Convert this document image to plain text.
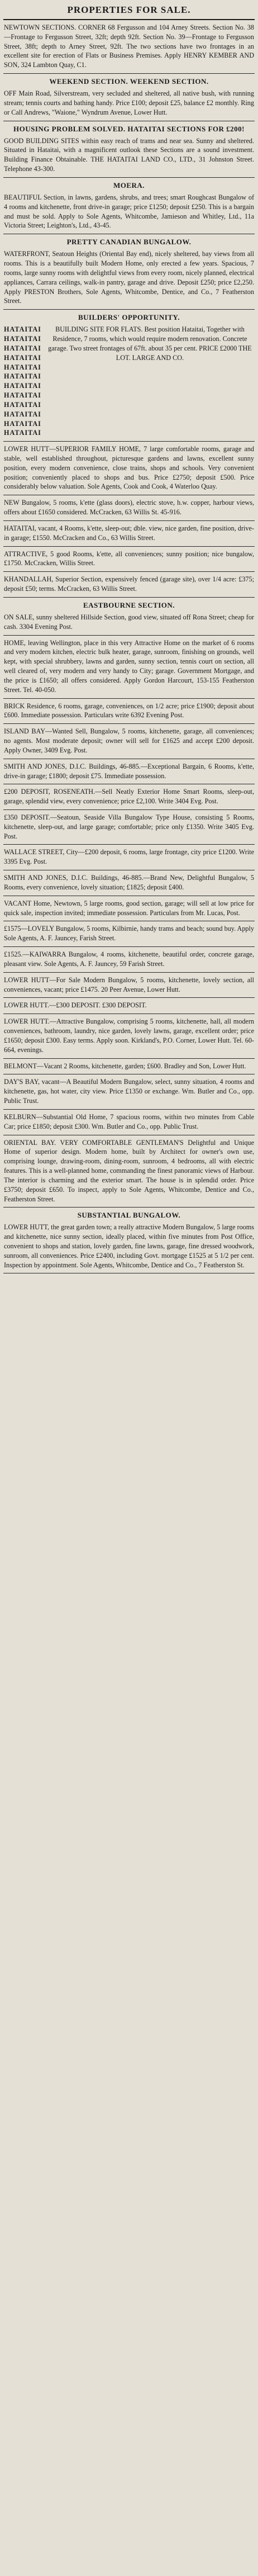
PROPERTIES FOR SALE.

NEWTOWN SECTIONS. CORNER 68 Fergusson and 104 Arney Streets. Section No. 38—Frontage to Fergusson Street, 32ft; depth 92ft. Section No. 39—Frontage to Fergusson Street, 38ft; depth to Arney Street, 92ft. The two sections have two frontages in an excellent site for erection of Flats or Business Premises. Apply HENRY KEMBER AND SON, 324 Lambton Quay, C1.

WEEKEND SECTION. WEEKEND SECTION.

OFF Main Road, Silverstream, very secluded and sheltered, all native bush, with running stream; tennis courts and bathing handy. Price £100; deposit £25, balance £2 monthly. Ring or Call Andrews, "Waione," Wyndrum Avenue, Lower Hutt.

HOUSING PROBLEM SOLVED. HATAITAI SECTIONS FOR £200!

GOOD BUILDING SITES within easy reach of trams and near sea. Sunny and sheltered. Situated in Hataitai, with a magnificent outlook these Sections are a sound investment. Building Finance Obtainable. THE HATAITAI LAND CO., LTD., 31 Johnston Street. Telephone 43-300.

MOERA.

BEAUTIFUL Section, in lawns, gardens, shrubs, and trees; smart Roughcast Bungalow of 4 rooms and kitchenette, front drive-in garage; price £1250; deposit £250. This is a bargain and must be sold. Apply to Sole Agents, Whitcombe, Jamieson and Whitley, Ltd., 11a Victoria Street; Leighton's, Ltd., 43-45.

PRETTY CANADIAN BUNGALOW.

WATERFRONT, Seatoun Heights (Oriental Bay end), nicely sheltered, bay views from all rooms. This is a beautifully built Modern Home, only erected a few years. Spacious, 7 rooms, large sunny rooms with delightful views from every room, nicely planned, electrical appliances, Carrara ceilings, walk-in pantry, garage and drive. Deposit £250; price £2,250. Apply PRESTON Brothers, Sole Agents, Whitcombe, Dentice, and Co., 7 Featherston Street.

BUILDERS' OPPORTUNITY.
HATAITAI HATAITAI HATAITAI HATAITAI HATAITAI HATAITAI HATAITAI HATAITAI HATAITAI HATAITAI HATAITAI HATAITAI
BUILDING SITE FOR FLATS. Best position Hataitai, Together with Residence, 7 rooms, which would require modern renovation. Concrete garage. Two street frontages of 67ft. about 35 per cent. PRICE £2000 THE LOT. LARGE AND CO.

LOWER HUTT—SUPERIOR FAMILY HOME, 7 large comfortable rooms, garage and stable, well established throughout, picturesque gardens and lawns, excellent sunny position, every modern convenience, close trains, shops and schools. Very convenient position; conveniently placed to shops and bus. Price £2750; deposit £500. Price considerably below valuation. Sole Agents, Cook and Cook, 4 Waterloo Quay.

NEW Bungalow, 5 rooms, k'ette (glass doors), electric stove, h.w. copper, harbour views, offers about £1650 considered. McCracken, 63 Willis St. 45-916.

HATAITAI, vacant, 4 Rooms, k'ette, sleep-out; dble. view, nice garden, fine position, drive-in garage; £1550. McCracken and Co., 63 Willis Street.

ATTRACTIVE, 5 good Rooms, k'ette, all conveniences; sunny position; nice bungalow, £1750. McCracken, Willis Street.

KHANDALLAH, Superior Section, expensively fenced (garage site), over 1/4 acre: £375; deposit £50; terms. McCracken, 63 Willis Street.

EASTBOURNE SECTION.

ON SALE, sunny sheltered Hillside Section, good view, situated off Rona Street; cheap for cash. 3304 Evening Post.

HOME, leaving Wellington, place in this very Attractive Home on the market of 6 rooms and very modern kitchen, electric bulk heater, garage, sunroom, finishing on grounds, well kept, with special shrubbery, lawns and garden, sunny section, tennis court on section, all well cleared of, very modern and very handy to City; garage. Government Mortgage, and the price is £1650; all offers considered. Apply Gordon Harcourt, 153-155 Featherston Street. Tel. 40-050.

BRICK Residence, 6 rooms, garage, conveniences, on 1/2 acre; price £1900; deposit about £600. Immediate possession. Particulars write 6392 Evening Post.

ISLAND BAY—Wanted Sell, Bungalow, 5 rooms, kitchenette, garage, all conveniences; no agents. Most moderate deposit; owner will sell for £1625 and accept £200 deposit. Apply Owner, 3409 Evg. Post.

SMITH AND JONES, D.I.C. Buildings, 46-885.—Exceptional Bargain, 6 Rooms, k'ette, drive-in garage; £1800; deposit £75. Immediate possession.

£200 DEPOSIT, ROSENEATH.—Sell Neatly Exterior Home Smart Rooms, sleep-out, garage, splendid view, every convenience; price £2,100. Write 3404 Evg. Post.

£350 DEPOSIT.—Seatoun, Seaside Villa Bungalow Type House, consisting 5 Rooms, kitchenette, sleep-out, and large garage; comfortable; price only £1350. Write 3405 Evg. Post.

WALLACE STREET, City—£200 deposit, 6 rooms, large frontage, city price £1200. Write 3395 Evg. Post.

SMITH AND JONES, D.I.C. Buildings, 46-885.—Brand New, Delightful Bungalow, 5 Rooms, every convenience, lovely situation; £1825; deposit £400.

VACANT Home, Newtown, 5 large rooms, good section, garage; will sell at low price for quick sale, inspection invited; immediate possession. Particulars from Mr. Lucas, Post.

£1575—LOVELY Bungalow, 5 rooms, Kilbirnie, handy trams and beach; sound buy. Apply Sole Agents, A. F. Jauncey, Farish Street.

£1525.—KAIWARRA Bungalow, 4 rooms, kitchenette, beautiful order, concrete garage, pleasant view. Sole Agents, A. F. Jauncey, 59 Farish Street.

LOWER HUTT—For Sale Modern Bungalow, 5 rooms, kitchenette, lovely section, all conveniences, vacant; price £1475. 20 Peer Avenue, Lower Hutt.

LOWER HUTT.—£300 DEPOSIT. £300 DEPOSIT.

LOWER HUTT.—Attractive Bungalow, comprising 5 rooms, kitchenette, hall, all modern conveniences, bathroom, laundry, nice garden, lovely lawns, garage, excellent order; price £1650; deposit £300. Easy terms. Apply soon. Kirkland's, P.O. Corner, Lower Hutt. Tel. 60-664, evenings.

BELMONT—Vacant 2 Rooms, kitchenette, garden; £600. Bradley and Son, Lower Hutt.

DAY'S BAY, vacant—A Beautiful Modern Bungalow, select, sunny situation, 4 rooms and kitchenette, gas, hot water, city view. Price £1350 or exchange. Wm. Butler and Co., opp. Public Trust.

KELBURN—Substantial Old Home, 7 spacious rooms, within two minutes from Cable Car; price £1850; deposit £300. Wm. Butler and Co., opp. Public Trust.

ORIENTAL BAY. VERY COMFORTABLE GENTLEMAN'S Delightful and Unique Home of superior design. Modern home, built by Architect for owner's own use, comprising lounge, drawing-room, dining-room, sunroom, 4 bedrooms, all with electric features. This is a well-planned home, commanding the finest panoramic views of Harbour. The interior is charming and the exterior smart. The house is in splendid order. Price £3750; deposit £650. To inspect, apply to Sole Agents, Whitcombe, Dentice and Co., Featherston Street.

SUBSTANTIAL BUNGALOW.

LOWER HUTT, the great garden town; a really attractive Modern Bungalow, 5 large rooms and kitchenette, nice sunny section, ideally placed, within five minutes from Post Office, convenient to shops and station, lovely garden, fine lawns, garage, fine dressed woodwork, sunroom, all conveniences. Price £2400, including Govt. mortgage £1525 at 5 1/2 per cent. Inspection by appointment. Sole Agents, Whitcombe, Dentice and Co., 7 Featherston St.
